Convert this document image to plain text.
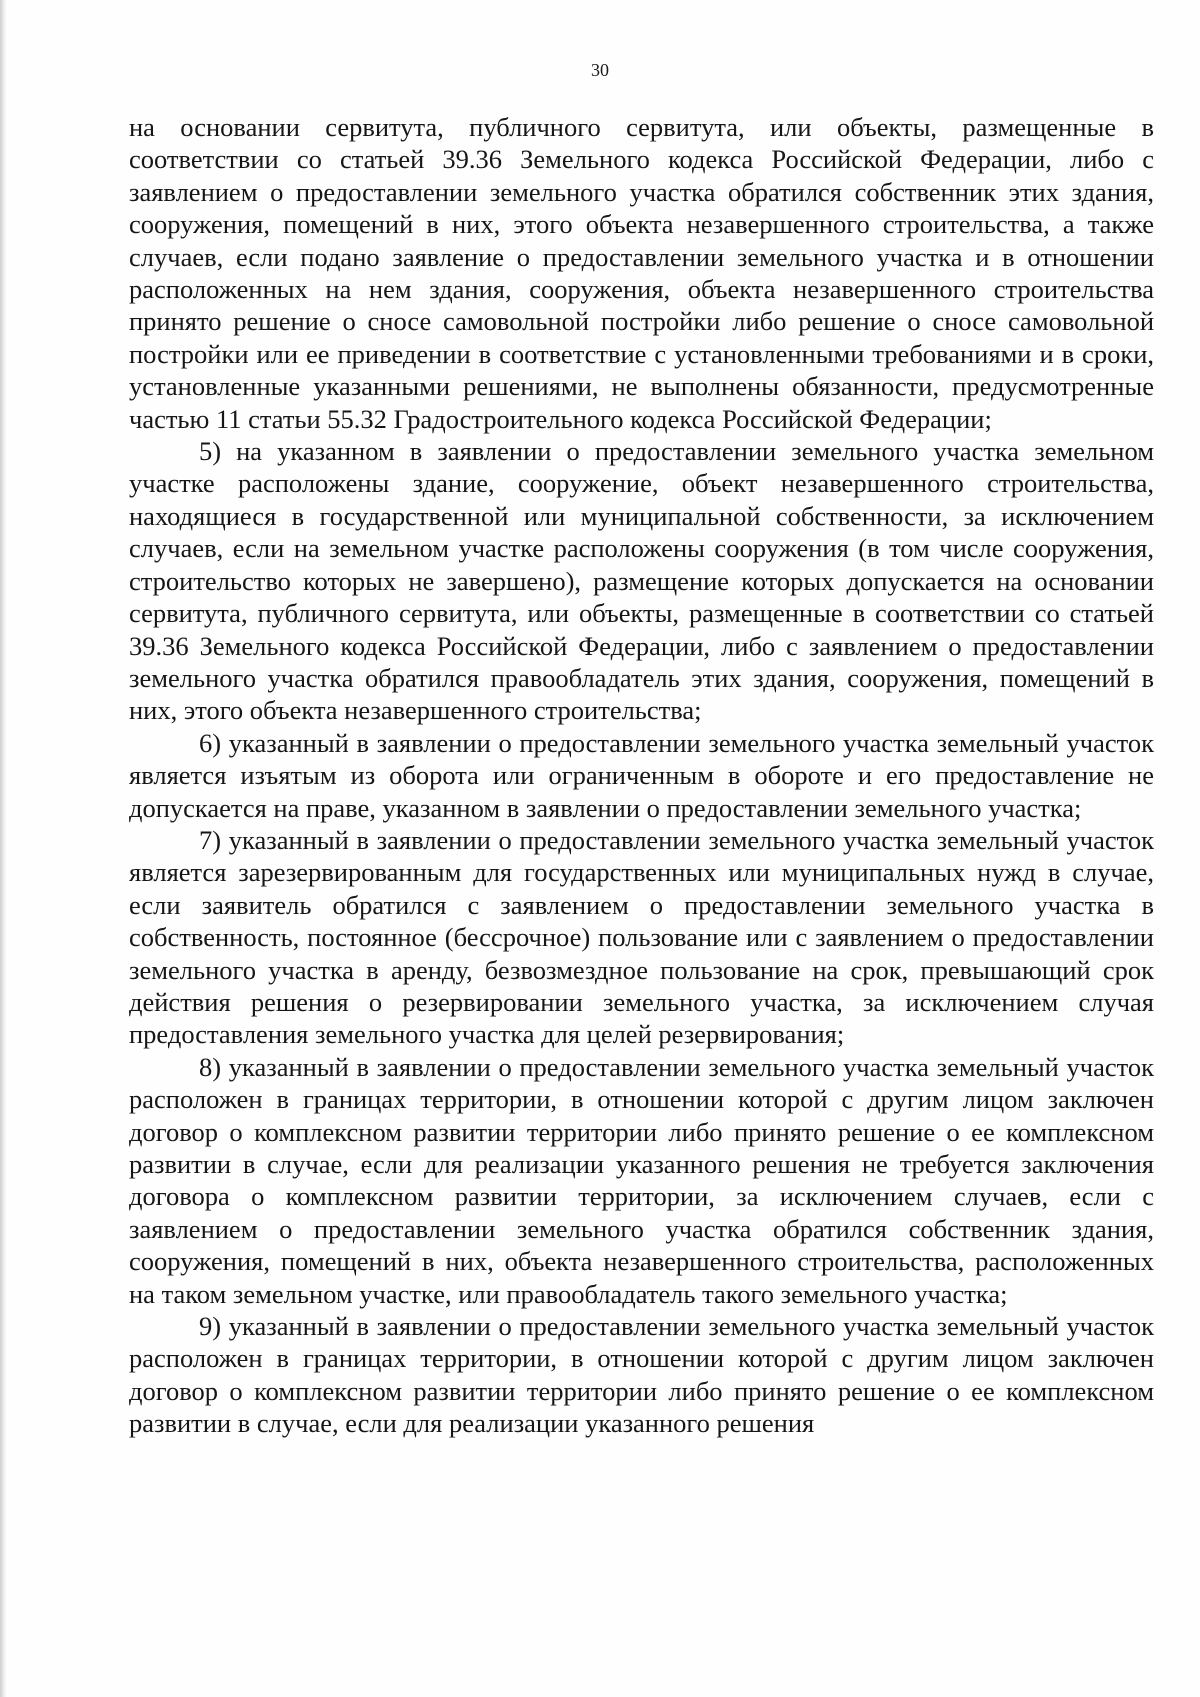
30

на основании сервитута, публичного сервитута, или объекты, размещенные в соответствии со статьей 39.36 Земельного кодекса Российской Федерации, либо с заявлением о предоставлении земельного участка обратился собственник этих здания, сооружения, помещений в них, этого объекта незавершенного строительства, а также случаев, если подано заявление о предоставлении земельного участка и в отношении расположенных на нем здания, сооружения, объекта незавершенного строительства принято решение о сносе самовольной постройки либо решение о сносе самовольной постройки или ее приведении в соответствие с установленными требованиями и в сроки, установленные указанными решениями, не выполнены обязанности, предусмотренные частью 11 статьи 55.32 Градостроительного кодекса Российской Федерации;

5) на указанном в заявлении о предоставлении земельного участка земельном участке расположены здание, сооружение, объект незавершенного строительства, находящиеся в государственной или муниципальной собственности, за исключением случаев, если на земельном участке расположены сооружения (в том числе сооружения, строительство которых не завершено), размещение которых допускается на основании сервитута, публичного сервитута, или объекты, размещенные в соответствии со статьей 39.36 Земельного кодекса Российской Федерации, либо с заявлением о предоставлении земельного участка обратился правообладатель этих здания, сооружения, помещений в них, этого объекта незавершенного строительства;

6) указанный в заявлении о предоставлении земельного участка земельный участок является изъятым из оборота или ограниченным в обороте и его предоставление не допускается на праве, указанном в заявлении о предоставлении земельного участка;

7) указанный в заявлении о предоставлении земельного участка земельный участок является зарезервированным для государственных или муниципальных нужд в случае, если заявитель обратился с заявлением о предоставлении земельного участка в собственность, постоянное (бессрочное) пользование или с заявлением о предоставлении земельного участка в аренду, безвозмездное пользование на срок, превышающий срок действия решения о резервировании земельного участка, за исключением случая предоставления земельного участка для целей резервирования;

8) указанный в заявлении о предоставлении земельного участка земельный участок расположен в границах территории, в отношении которой с другим лицом заключен договор о комплексном развитии территории либо принято решение о ее комплексном развитии в случае, если для реализации указанного решения не требуется заключения договора о комплексном развитии территории, за исключением случаев, если с заявлением о предоставлении земельного участка обратился собственник здания, сооружения, помещений в них, объекта незавершенного строительства, расположенных на таком земельном участке, или правообладатель такого земельного участка;

9) указанный в заявлении о предоставлении земельного участка земельный участок расположен в границах территории, в отношении которой с другим лицом заключен договор о комплексном развитии территории либо принято решение о ее комплексном развитии в случае, если для реализации указанного решения
